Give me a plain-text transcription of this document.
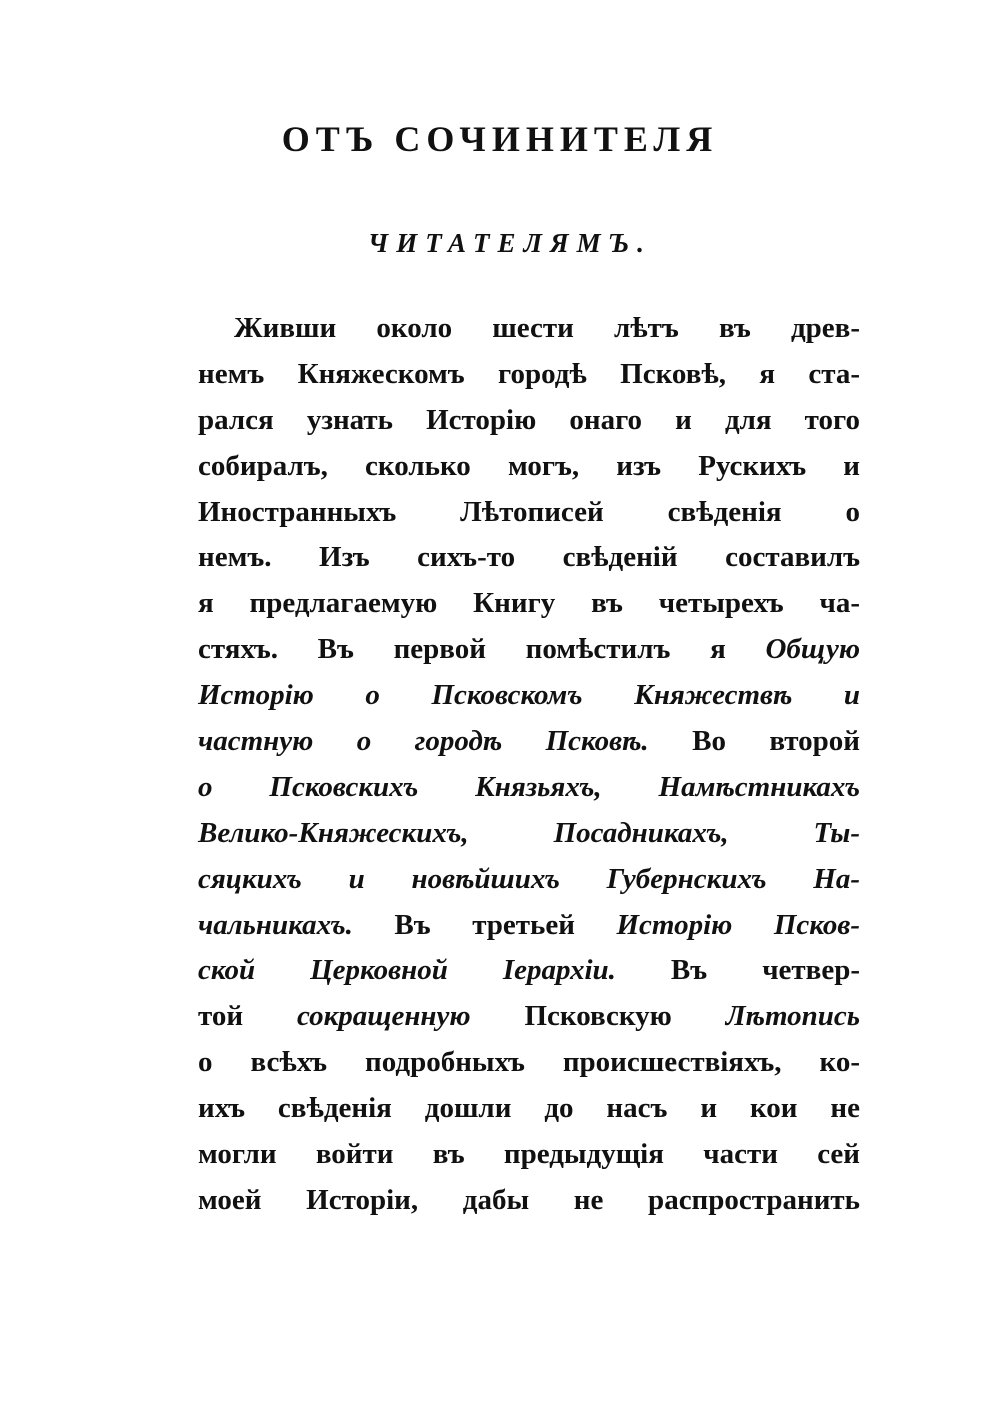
ОТЪ СОЧИНИТЕЛЯ
ЧИТАТЕЛЯМЪ.
Живши около шести лѣтъ въ древ-
немъ Княжескомъ городѣ Псковѣ, я ста-
рался узнать Исторію онаго и для того
собиралъ, сколько могъ, изъ Рускихъ и
Иностранныхъ Лѣтописей свѣденія о
немъ. Изъ сихъ-то свѣденій составилъ
я предлагаемую Книгу въ четырехъ ча-
стяхъ. Въ первой помѣстилъ я Общую
Исторію о Псковскомъ Княжествѣ и
частную о городѣ Псковѣ. Во второй
о Псковскихъ Князьяхъ, Намѣстникахъ
Велико-Княжескихъ, Посадникахъ, Ты-
сяцкихъ и новѣйшихъ Губернскихъ На-
чальникахъ. Въ третьей Исторію Псков-
ской Церковной Іерархіи. Въ четвер-
той сокращенную Псковскую Лѣтопись
о всѣхъ подробныхъ происшествіяхъ, ко-
ихъ свѣденія дошли до насъ и кои не
могли войти въ предыдущія части сей
моей Исторіи, дабы не распространить
